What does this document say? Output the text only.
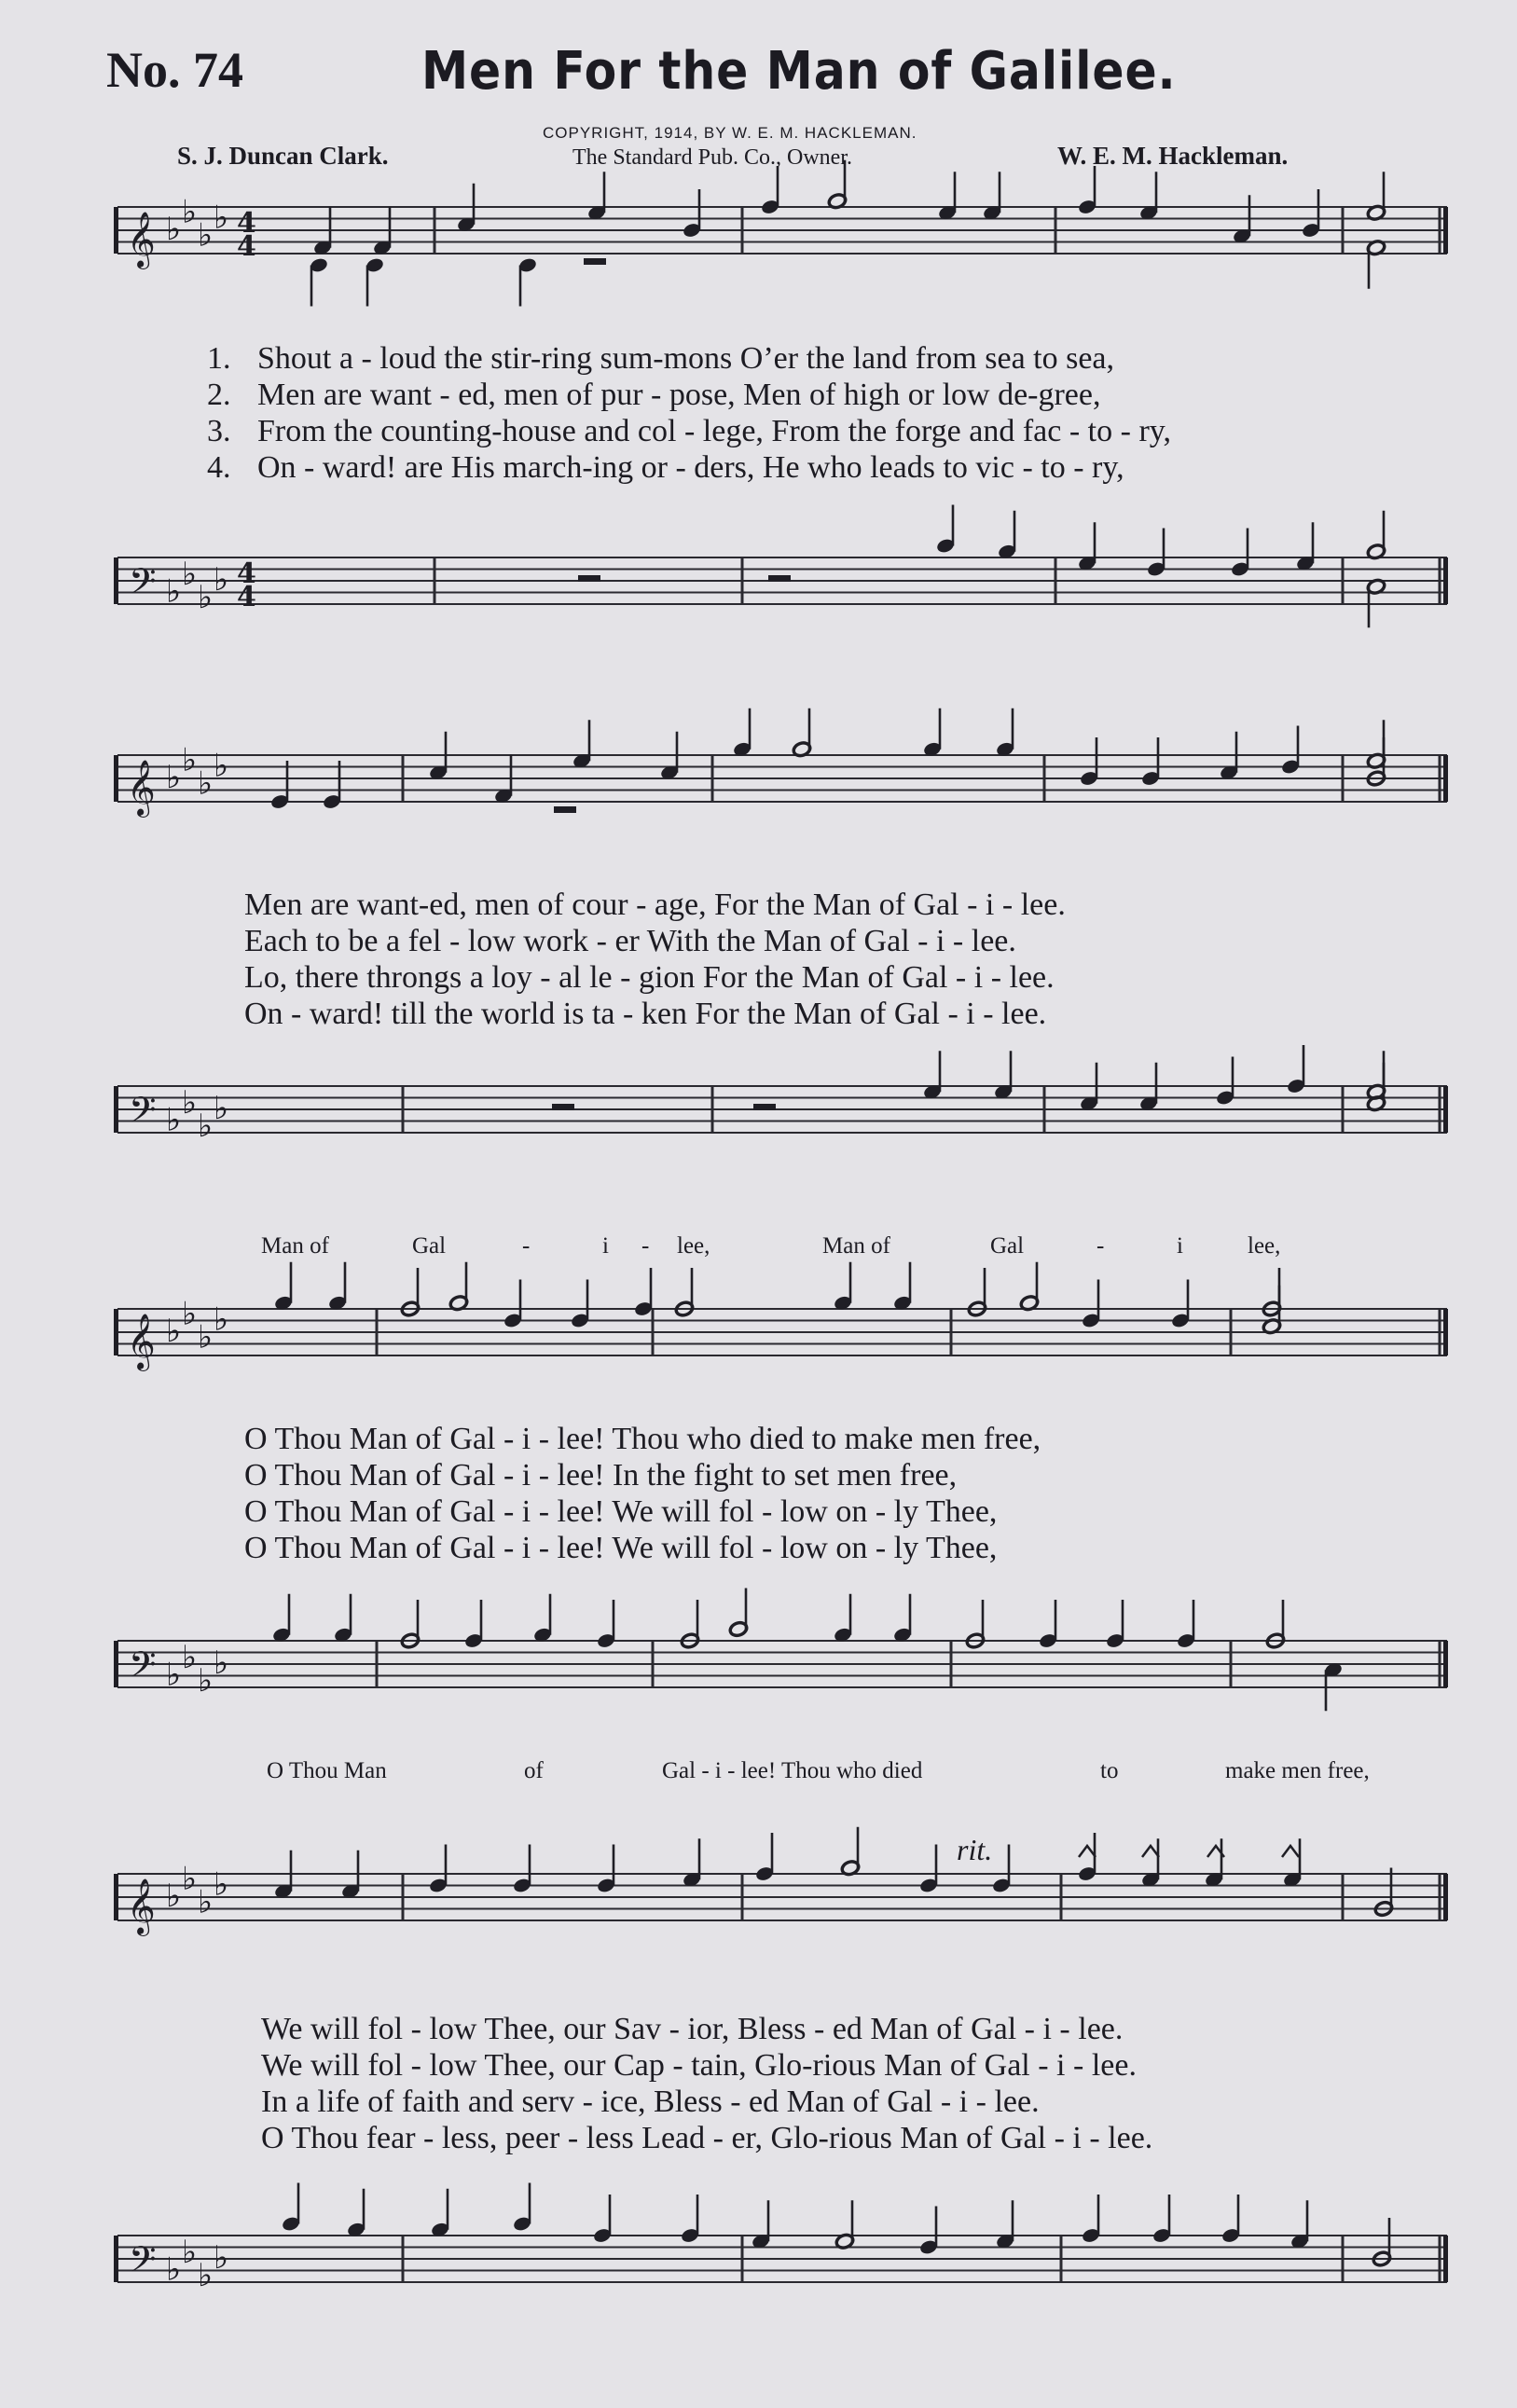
No. 74	Men For the Man of Galilee.
COPYRIGHT, 1914, BY W. E. M. HACKLEMAN.
S. J. Duncan Clark.	The Standard Pub. Co., Owner.	W. E. M. Hackleman.
𝄞 ♭ ♭
♭ ♭ 4
4
𝄢 ♭ ♭
♭ ♭ 4
4
𝄞 ♭ ♭
♭ ♭
𝄢 ♭ ♭
♭ ♭
𝄞 ♭ ♭
♭ ♭
𝄢 ♭ ♭
♭ ♭
𝄞 ♭ ♭
♭ ♭
𝄢 ♭ ♭
♭ ♭
1. Shout a - loud the stir-ring sum-mons O’er the land from sea to sea,
2. Men are want - ed, men of pur - pose, Men of high or low de-gree,
3. From the counting-house and col - lege, From the forge and fac - to - ry,
4. On - ward! are His march-ing or - ders, He who leads to vic - to - ry,
Men are want-ed, men of cour - age, For the Man of Gal - i - lee.
Each to be a fel - low work - er With the Man of Gal - i - lee.
Lo, there throngs a loy - al le - gion For the Man of Gal - i - lee.
On - ward! till the world is ta - ken For the Man of Gal - i - lee.
Man of	Gal	-	i - lee,	Man of	Gal	-	i	lee,
O Thou Man of Gal - i - lee! Thou who died to make men free,
O Thou Man of Gal - i - lee! In the fight to set men free,
O Thou Man of Gal - i - lee! We will fol - low on - ly Thee,
O Thou Man of Gal - i - lee! We will fol - low on - ly Thee,
O Thou Man	of	Gal - i - lee! Thou who died	to	make men free,
rit.
We will fol - low Thee, our Sav - ior, Bless - ed Man of Gal - i - lee.
We will fol - low Thee, our Cap - tain, Glo-rious Man of Gal - i - lee.
In a life of faith and serv - ice, Bless - ed Man of Gal - i - lee.
O Thou fear - less, peer - less Lead - er, Glo-rious Man of Gal - i - lee.
